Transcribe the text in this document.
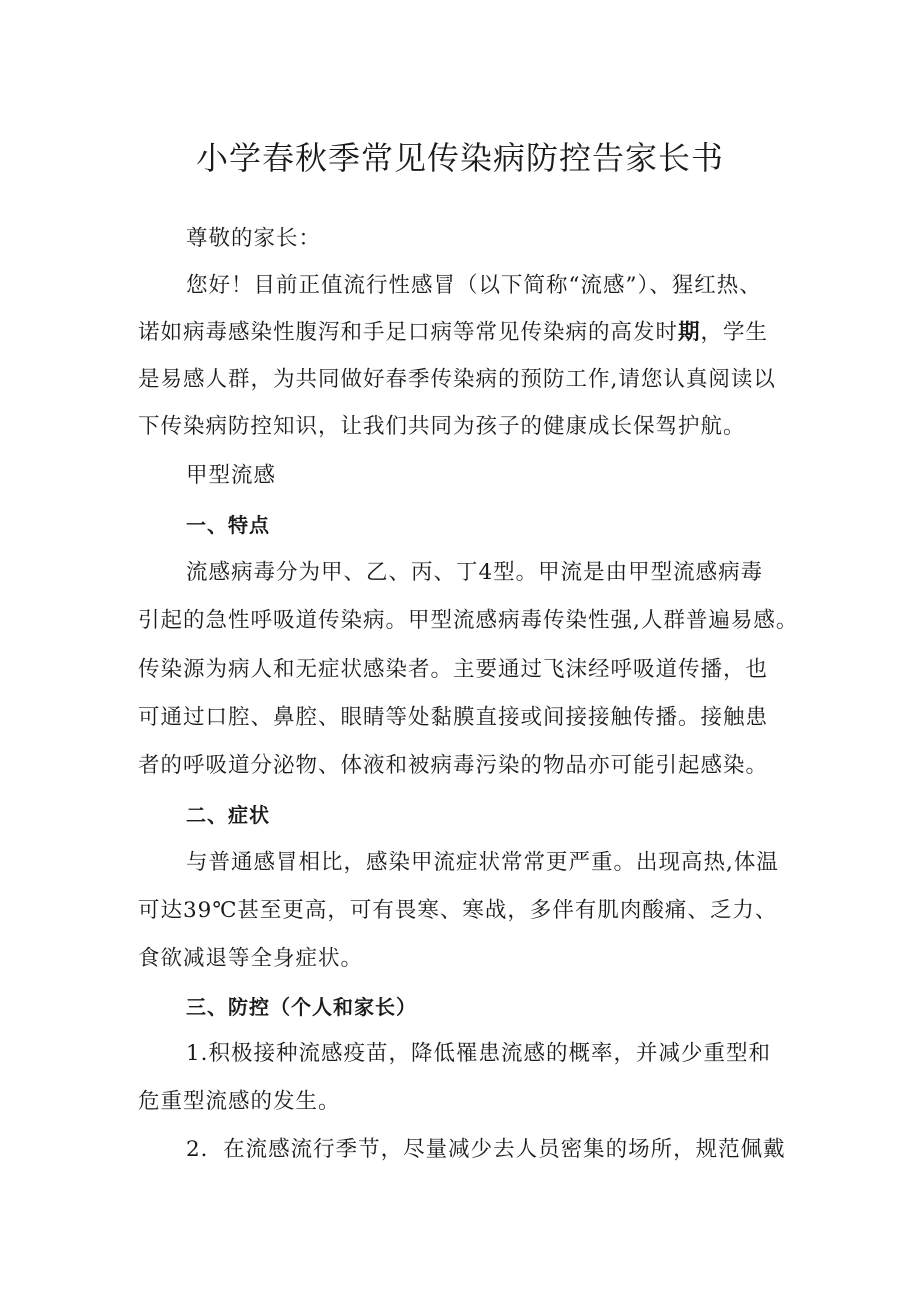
小学春秋季常见传染病防控告家长书
尊敬的家长：
您好！目前正值流行性感冒（以下简称“流感”）、猩红热、
诺如病毒感染性腹泻和手足口病等常见传染病的高发时期，学生
是易感人群，为共同做好春季传染病的预防工作,请您认真阅读以
下传染病防控知识，让我们共同为孩子的健康成长保驾护航。
甲型流感
一、特点
流感病毒分为甲、乙、丙、丁4型。甲流是由甲型流感病毒
引起的急性呼吸道传染病。甲型流感病毒传染性强,人群普遍易感。
传染源为病人和无症状感染者。主要通过飞沫经呼吸道传播，也
可通过口腔、鼻腔、眼睛等处黏膜直接或间接接触传播。接触患
者的呼吸道分泌物、体液和被病毒污染的物品亦可能引起感染。
二、症状
与普通感冒相比，感染甲流症状常常更严重。出现高热,体温
可达39℃甚至更高，可有畏寒、寒战，多伴有肌肉酸痛、乏力、
食欲减退等全身症状。
三、防控（个人和家长）
1.积极接种流感疫苗，降低罹患流感的概率，并减少重型和
危重型流感的发生。
2．在流感流行季节，尽量减少去人员密集的场所，规范佩戴
